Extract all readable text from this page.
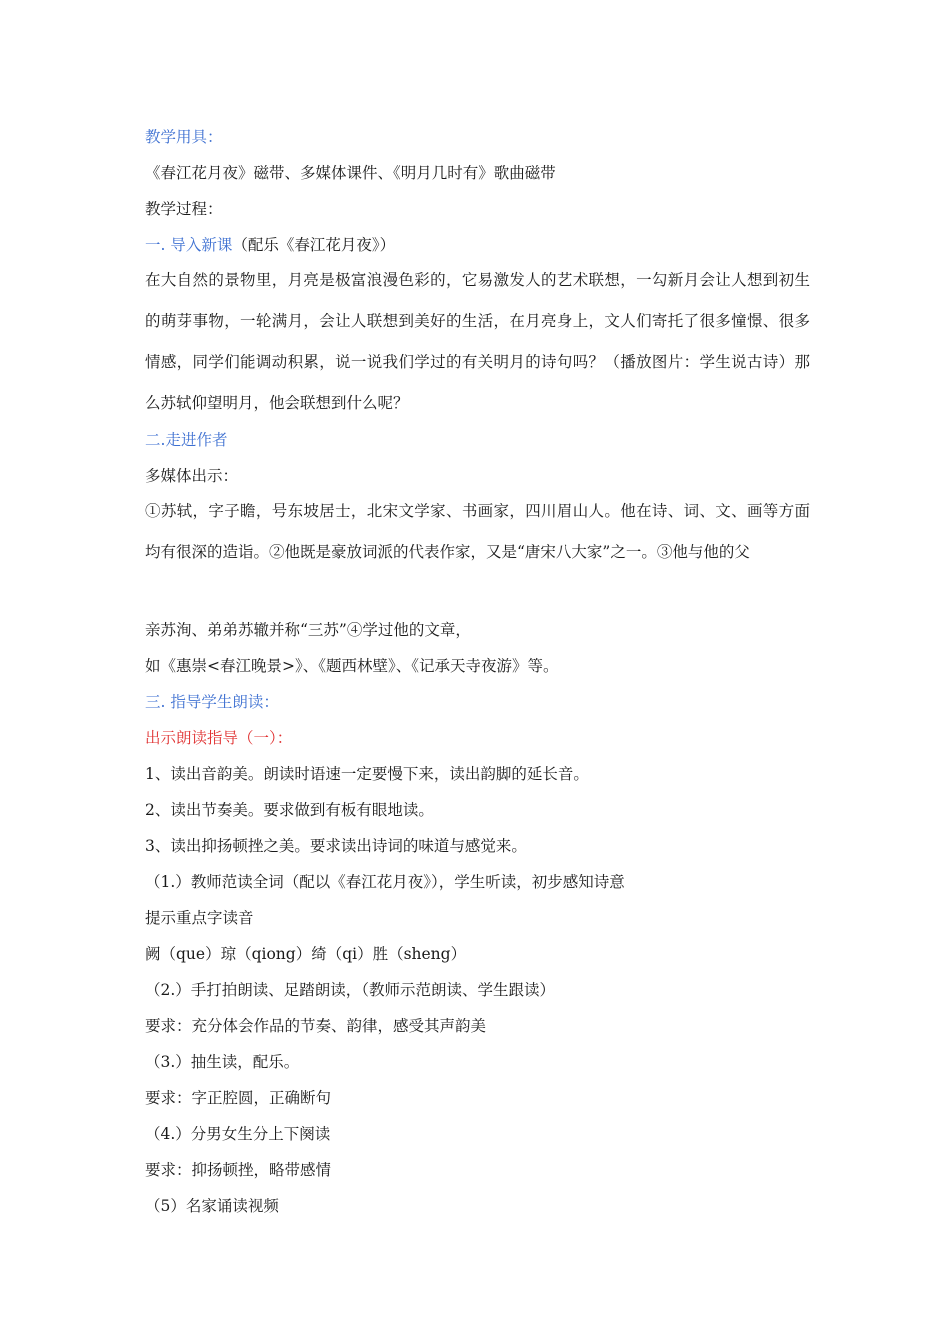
教学用具：
《春江花月夜》磁带、多媒体课件、《明月几时有》歌曲磁带
教学过程：
一. 导入新课（配乐《春江花月夜》）
在大自然的景物里，月亮是极富浪漫色彩的，它易激发人的艺术联想，一勾新月会让人想到初生的萌芽事物，一轮满月，会让人联想到美好的生活，在月亮身上，文人们寄托了很多憧憬、很多情感，同学们能调动积累，说一说我们学过的有关明月的诗句吗？（播放图片：学生说古诗）那么苏轼仰望明月，他会联想到什么呢？
二.走进作者
多媒体出示：
①苏轼，字子瞻，号东坡居士，北宋文学家、书画家，四川眉山人。他在诗、词、文、画等方面均有很深的造诣。②他既是豪放词派的代表作家，又是“唐宋八大家”之一。③他与他的父
亲苏洵、弟弟苏辙并称“三苏”④学过他的文章，
如《惠崇<春江晚景>》、《题西林壁》、《记承天寺夜游》等。
三. 指导学生朗读：
出示朗读指导（一）：
1、读出音韵美。朗读时语速一定要慢下来，读出韵脚的延长音。
2、读出节奏美。要求做到有板有眼地读。
3、读出抑扬顿挫之美。要求读出诗词的味道与感觉来。
（1.）教师范读全词（配以《春江花月夜》），学生听读，初步感知诗意
提示重点字读音
阙（que）琼（qiong）绮（qi）胜（sheng）
（2.）手打拍朗读、足踏朗读，（教师示范朗读、学生跟读）
要求：充分体会作品的节奏、韵律，感受其声韵美
（3.）抽生读，配乐。
要求：字正腔圆，正确断句
（4.）分男女生分上下阕读
要求：抑扬顿挫，略带感情
（5）名家诵读视频
